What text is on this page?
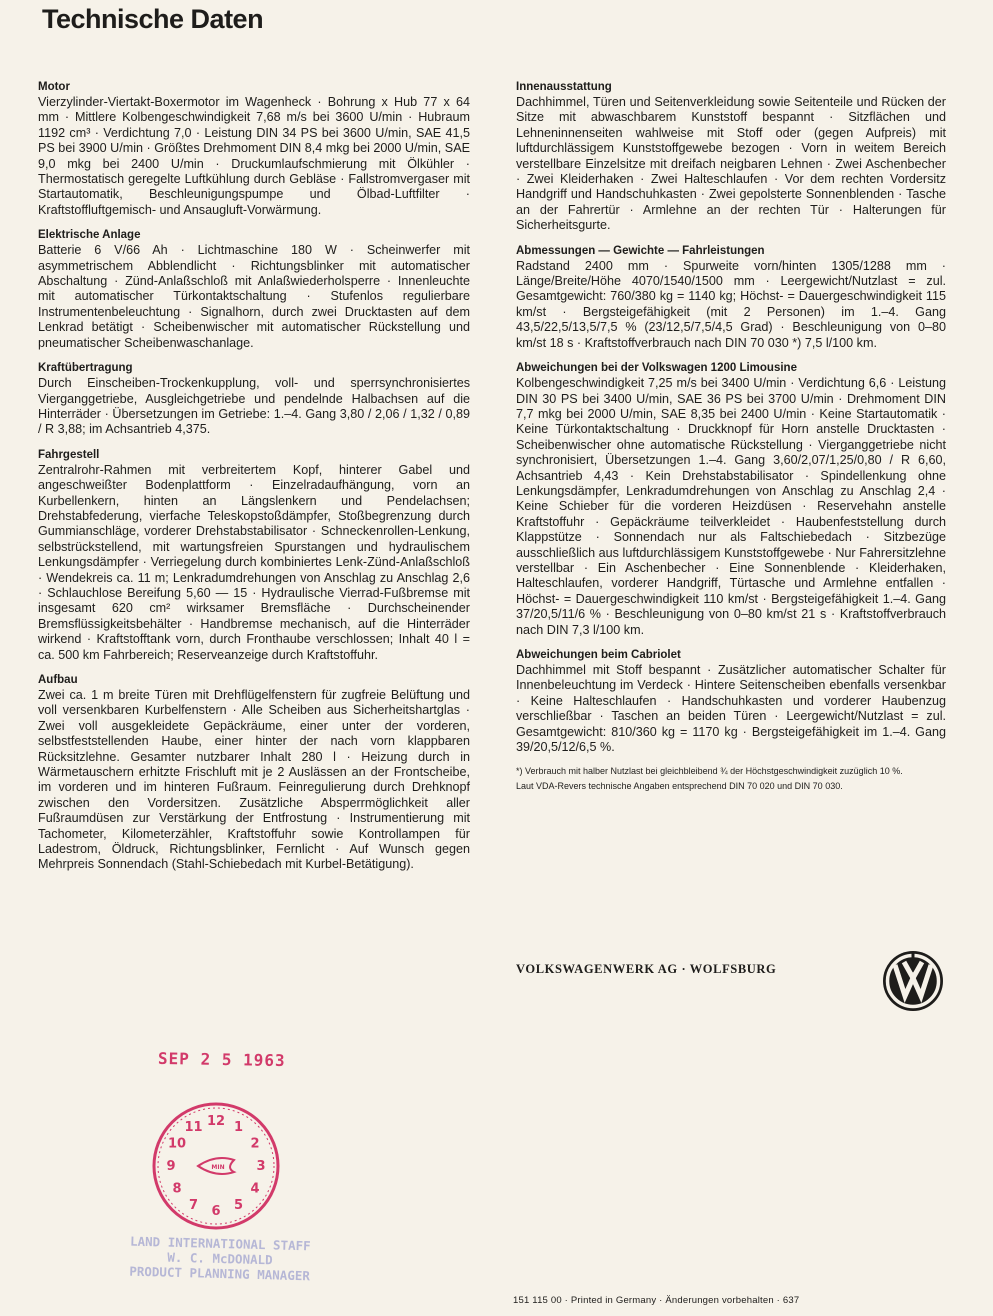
Technische Daten
Motor

Vierzylinder-Viertakt-Boxermotor im Wagenheck · Bohrung x Hub 77 x 64 mm · Mittlere Kolbengeschwindigkeit 7,68 m/s bei 3600 U/min · Hubraum 1192 cm³ · Verdichtung 7,0 · Leistung DIN 34 PS bei 3600 U/min, SAE 41,5 PS bei 3900 U/min · Größtes Drehmoment DIN 8,4 mkg bei 2000 U/min, SAE 9,0 mkg bei 2400 U/min · Druckumlaufschmierung mit Ölkühler · Thermostatisch geregelte Luftkühlung durch Gebläse · Fallstromvergaser mit Startautomatik, Beschleunigungspumpe und Ölbad-Luftfilter · Kraftstoffluftgemisch- und Ansaugluft-Vorwärmung.

Elektrische Anlage

Batterie 6 V/66 Ah · Lichtmaschine 180 W · Scheinwerfer mit asymmetrischem Abblendlicht · Richtungsblinker mit automatischer Abschaltung · Zünd-Anlaßschloß mit Anlaßwiederholsperre · Innenleuchte mit automatischer Türkontaktschaltung · Stufenlos regulierbare Instrumentenbeleuchtung · Signalhorn, durch zwei Drucktasten auf dem Lenkrad betätigt · Scheibenwischer mit automatischer Rückstellung und pneumatischer Scheibenwaschanlage.

Kraftübertragung

Durch Einscheiben-Trockenkupplung, voll- und sperrsynchronisiertes Vierganggetriebe, Ausgleichgetriebe und pendelnde Halbachsen auf die Hinterräder · Übersetzungen im Getriebe: 1.–4. Gang 3,80 / 2,06 / 1,32 / 0,89 / R 3,88; im Achsantrieb 4,375.

Fahrgestell

Zentralrohr-Rahmen mit verbreitertem Kopf, hinterer Gabel und angeschweißter Bodenplattform · Einzelradaufhängung, vorn an Kurbellenkern, hinten an Längslenkern und Pendelachsen; Drehstabfederung, vierfache Teleskopstoßdämpfer, Stoßbegrenzung durch Gummianschläge, vorderer Drehstabstabilisator · Schneckenrollen-Lenkung, selbstrückstellend, mit wartungsfreien Spurstangen und hydraulischem Lenkungsdämpfer · Verriegelung durch kombiniertes Lenk-Zünd-Anlaßschloß · Wendekreis ca. 11 m; Lenkradumdrehungen von Anschlag zu Anschlag 2,6 · Schlauchlose Bereifung 5,60 — 15 · Hydraulische Vierrad-Fußbremse mit insgesamt 620 cm² wirksamer Bremsfläche · Durchscheinender Bremsflüssigkeitsbehälter · Handbremse mechanisch, auf die Hinterräder wirkend · Kraftstofftank vorn, durch Fronthaube verschlossen; Inhalt 40 l = ca. 500 km Fahrbereich; Reserveanzeige durch Kraftstoffuhr.

Aufbau

Zwei ca. 1 m breite Türen mit Drehflügelfenstern für zugfreie Belüftung und voll versenkbaren Kurbelfenstern · Alle Scheiben aus Sicherheitshartglas · Zwei voll ausgekleidete Gepäckräume, einer unter der vorderen, selbstfeststellenden Haube, einer hinter der nach vorn klappbaren Rücksitzlehne. Gesamter nutzbarer Inhalt 280 l · Heizung durch in Wärmetauschern erhitzte Frischluft mit je 2 Auslässen an der Frontscheibe, im vorderen und im hinteren Fußraum. Feinregulierung durch Drehknopf zwischen den Vordersitzen. Zusätzliche Absperrmöglichkeit aller Fußraumdüsen zur Verstärkung der Entfrostung · Instrumentierung mit Tachometer, Kilometerzähler, Kraftstoffuhr sowie Kontrollampen für Ladestrom, Öldruck, Richtungsblinker, Fernlicht · Auf Wunsch gegen Mehrpreis Sonnendach (Stahl-Schiebedach mit Kurbel-Betätigung).

Innenausstattung

Dachhimmel, Türen und Seitenverkleidung sowie Seitenteile und Rücken der Sitze mit abwaschbarem Kunststoff bespannt · Sitzflächen und Lehneninnenseiten wahlweise mit Stoff oder (gegen Aufpreis) mit luftdurchlässigem Kunststoffgewebe bezogen · Vorn in weitem Bereich verstellbare Einzelsitze mit dreifach neigbaren Lehnen · Zwei Aschenbecher · Zwei Kleiderhaken · Zwei Halteschlaufen · Vor dem rechten Vordersitz Handgriff und Handschuhkasten · Zwei gepolsterte Sonnenblenden · Tasche an der Fahrertür · Armlehne an der rechten Tür · Halterungen für Sicherheitsgurte.

Abmessungen — Gewichte — Fahrleistungen

Radstand 2400 mm · Spurweite vorn/hinten 1305/1288 mm · Länge/Breite/Höhe 4070/1540/1500 mm · Leergewicht/Nutzlast = zul. Gesamtgewicht: 760/380 kg = 1140 kg; Höchst- = Dauergeschwindigkeit 115 km/st · Bergsteigefähigkeit (mit 2 Personen) im 1.–4. Gang 43,5/22,5/13,5/7,5 % (23/12,5/7,5/4,5 Grad) · Beschleunigung von 0–80 km/st 18 s · Kraftstoffverbrauch nach DIN 70 030 *) 7,5 l/100 km.

Abweichungen bei der Volkswagen 1200 Limousine

Kolbengeschwindigkeit 7,25 m/s bei 3400 U/min · Verdichtung 6,6 · Leistung DIN 30 PS bei 3400 U/min, SAE 36 PS bei 3700 U/min · Drehmoment DIN 7,7 mkg bei 2000 U/min, SAE 8,35 bei 2400 U/min · Keine Startautomatik · Keine Türkontaktschaltung · Druckknopf für Horn anstelle Drucktasten · Scheibenwischer ohne automatische Rückstellung · Vierganggetriebe nicht synchronisiert, Übersetzungen 1.–4. Gang 3,60/2,07/1,25/0,80 / R 6,60, Achsantrieb 4,43 · Kein Drehstabstabilisator · Spindellenkung ohne Lenkungsdämpfer, Lenkradumdrehungen von Anschlag zu Anschlag 2,4 · Keine Schieber für die vorderen Heizdüsen · Reservehahn anstelle Kraftstoffuhr · Gepäckräume teilverkleidet · Haubenfeststellung durch Klappstütze · Sonnendach nur als Faltschiebedach · Sitzbezüge ausschließlich aus luftdurchlässigem Kunststoffgewebe · Nur Fahrersitzlehne verstellbar · Ein Aschenbecher · Eine Sonnenblende · Kleiderhaken, Halteschlaufen, vorderer Handgriff, Türtasche und Armlehne entfallen · Höchst- = Dauergeschwindigkeit 110 km/st · Bergsteigefähigkeit 1.–4. Gang 37/20,5/11/6 % · Beschleunigung von 0–80 km/st 21 s · Kraftstoffverbrauch nach DIN 7,3 l/100 km.

Abweichungen beim Cabriolet

Dachhimmel mit Stoff bespannt · Zusätzlicher automatischer Schalter für Innenbeleuchtung im Verdeck · Hintere Seitenscheiben ebenfalls versenkbar · Keine Halteschlaufen · Handschuhkasten und vorderer Haubenzug verschließbar · Taschen an beiden Türen · Leergewicht/Nutzlast = zul. Gesamtgewicht: 810/360 kg = 1170 kg · Bergsteigefähigkeit im 1.–4. Gang 39/20,5/12/6,5 %.

*) Verbrauch mit halber Nutzlast bei gleichbleibend ¾ der Höchstgeschwindigkeit zuzüglich 10 %.

Laut VDA-Revers technische Angaben entsprechend DIN 70 020 und DIN 70 030.

VOLKSWAGENWERK AG · WOLFSBURG
SEP 2 5 1963
12 1
2
3
4
5
6
7
8
9
10
11
MIN
LAND INTERNATIONAL STAFF
W. C. McDONALD
PRODUCT PLANNING MANAGER
151 115 00 · Printed in Germany · Änderungen vorbehalten · 637
